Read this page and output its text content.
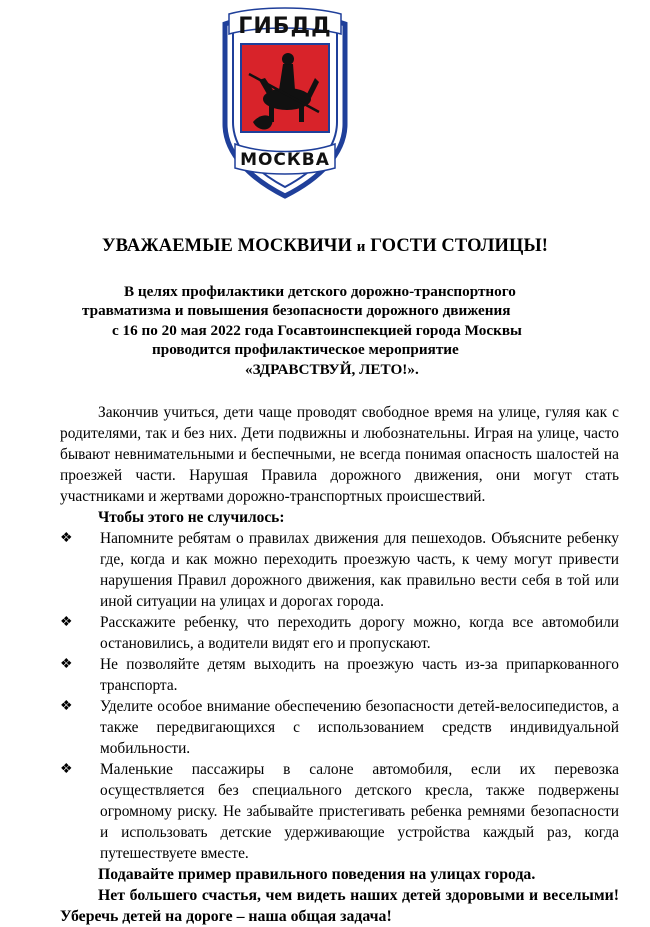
ГИБДД
МОСКВА
УВАЖАЕМЫЕ МОСКВИЧИ и ГОСТИ СТОЛИЦЫ!
В целях профилактики детского дорожно-транспортного
травматизма и повышения безопасности дорожного движения
с 16 по 20 мая 2022 года Госавтоинспекцией города Москвы
проводится профилактическое мероприятие
«ЗДРАВСТВУЙ, ЛЕТО!».

Закончив учиться, дети чаще проводят свободное время на улице, гуляя как с родителями, так и без них. Дети подвижны и любознательны. Играя на улице, часто бывают невнимательными и беспечными, не всегда понимая опасность шалостей на проезжей части. Нарушая Правила дорожного движения, они могут стать участниками и жертвами дорожно-транспортных происшествий.

Чтобы этого не случилось:

❖ Напомните ребятам о правилах движения для пешеходов. Объясните ребенку где, когда и как можно переходить проезжую часть, к чему могут привести нарушения Правил дорожного движения, как правильно вести себя в той или иной ситуации на улицах и дорогах города.
❖ Расскажите ребенку, что переходить дорогу можно, когда все автомобили остановились, а водители видят его и пропускают.
❖ Не позволяйте детям выходить на проезжую часть из-за припаркованного транспорта.
❖ Уделите особое внимание обеспечению безопасности детей-велосипедистов, а также передвигающихся с использованием средств индивидуальной мобильности.
❖ Маленькие пассажиры в салоне автомобиля, если их перевозка осуществляется без специального детского кресла, также подвержены огромному риску. Не забывайте пристегивать ребенка ремнями безопасности и использовать детские удерживающие устройства каждый раз, когда путешествуете вместе.

Подавайте пример правильного поведения на улицах города.

Нет большего счастья, чем видеть наших детей здоровыми и веселыми! Уберечь детей на дороге – наша общая задача!
